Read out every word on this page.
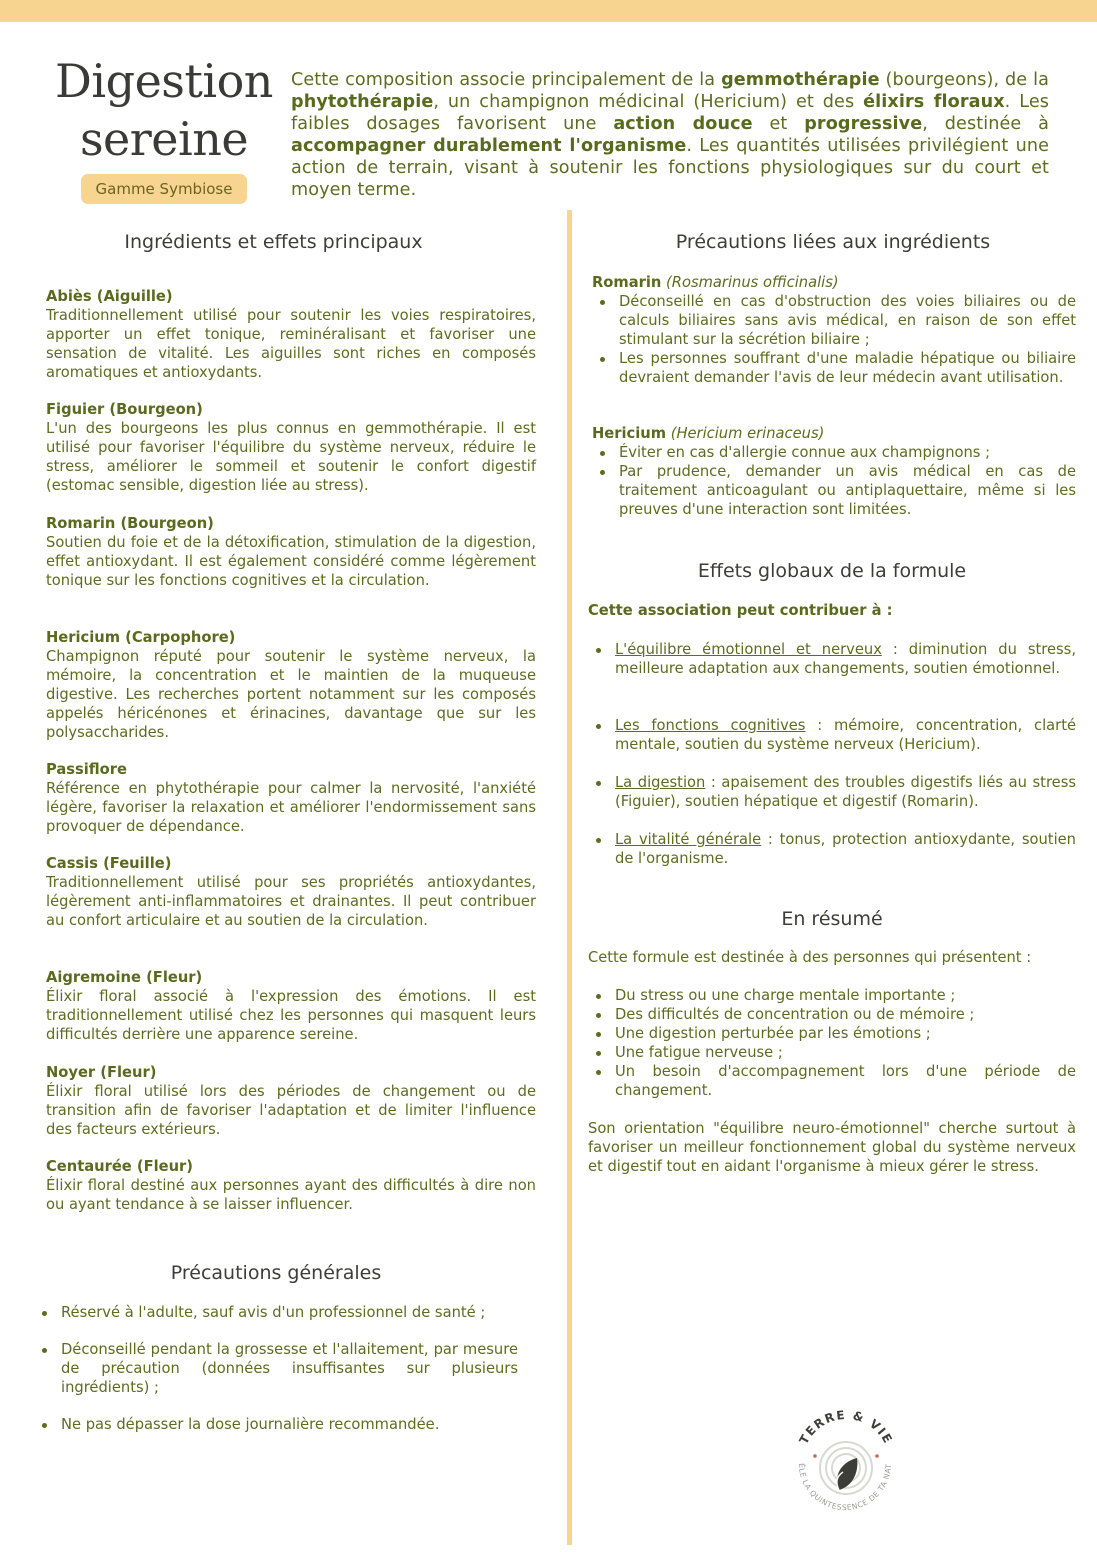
Digestion
sereine
Gamme Symbiose
Cette composition associe principalement de la gemmothérapie (bourgeons), de la phytothérapie, un champignon médicinal (Hericium) et des élixirs floraux. Les faibles dosages favorisent une action douce et progressive, destinée à accompagner durablement l'organisme. Les quantités utilisées privilégient une action de terrain, visant à soutenir les fonctions physiologiques sur du court et moyen terme.
Ingrédients et effets principaux
Abiès (Aiguille)
Traditionnellement utilisé pour soutenir les voies respiratoires, apporter un effet tonique, reminéralisant et favoriser une sensation de vitalité. Les aiguilles sont riches en composés aromatiques et antioxydants.
Figuier (Bourgeon)
L'un des bourgeons les plus connus en gemmothérapie. Il est utilisé pour favoriser l'équilibre du système nerveux, réduire le stress, améliorer le sommeil et soutenir le confort digestif (estomac sensible, digestion liée au stress).
Romarin (Bourgeon)
Soutien du foie et de la détoxification, stimulation de la digestion, effet antioxydant. Il est également considéré comme légèrement tonique sur les fonctions cognitives et la circulation.
Hericium (Carpophore)
Champignon réputé pour soutenir le système nerveux, la mémoire, la concentration et le maintien de la muqueuse digestive. Les recherches portent notamment sur les composés appelés héricénones et érinacines, davantage que sur les polysaccharides.
Passiflore
Référence en phytothérapie pour calmer la nervosité, l'anxiété légère, favoriser la relaxation et améliorer l'endormissement sans provoquer de dépendance.
Cassis (Feuille)
Traditionnellement utilisé pour ses propriétés antioxydantes, légèrement anti-inflammatoires et drainantes. Il peut contribuer au confort articulaire et au soutien de la circulation.
Aigremoine (Fleur)
Élixir floral associé à l'expression des émotions. Il est traditionnellement utilisé chez les personnes qui masquent leurs difficultés derrière une apparence sereine.
Noyer (Fleur)
Élixir floral utilisé lors des périodes de changement ou de transition afin de favoriser l'adaptation et de limiter l'influence des facteurs extérieurs.
Centaurée (Fleur)
Élixir floral destiné aux personnes ayant des difficultés à dire non ou ayant tendance à se laisser influencer.
Précautions générales
Réservé à l'adulte, sauf avis d'un professionnel de santé ;
Déconseillé pendant la grossesse et l'allaitement, par mesure de précaution (données insuffisantes sur plusieurs ingrédients) ;
Ne pas dépasser la dose journalière recommandée.
Précautions liées aux ingrédients
Romarin (Rosmarinus officinalis)
Déconseillé en cas d'obstruction des voies biliaires ou de calculs biliaires sans avis médical, en raison de son effet stimulant sur la sécrétion biliaire ;
Les personnes souffrant d'une maladie hépatique ou biliaire devraient demander l'avis de leur médecin avant utilisation.
Hericium (Hericium erinaceus)
Éviter en cas d'allergie connue aux champignons ;
Par prudence, demander un avis médical en cas de traitement anticoagulant ou antiplaquettaire, même si les preuves d'une interaction sont limitées.
Effets globaux de la formule
Cette association peut contribuer à :
L'équilibre émotionnel et nerveux : diminution du stress, meilleure adaptation aux changements, soutien émotionnel.
Les fonctions cognitives : mémoire, concentration, clarté mentale, soutien du système nerveux (Hericium).
La digestion : apaisement des troubles digestifs liés au stress (Figuier), soutien hépatique et digestif (Romarin).
La vitalité générale : tonus, protection antioxydante, soutien de l'organisme.
En résumé
Cette formule est destinée à des personnes qui présentent :
Du stress ou une charge mentale importante ;
Des difficultés de concentration ou de mémoire ;
Une digestion perturbée par les émotions ;
Une fatigue nerveuse ;
Un besoin d'accompagnement lors d'une période de changement.
Son orientation "équilibre neuro-émotionnel" cherche surtout à favoriser un meilleur fonctionnement global du système nerveux et digestif tout en aidant l'organisme à mieux gérer le stress.
TERRE & VIE
ÈLE LA QUINTESSENCE DE TA NAT
